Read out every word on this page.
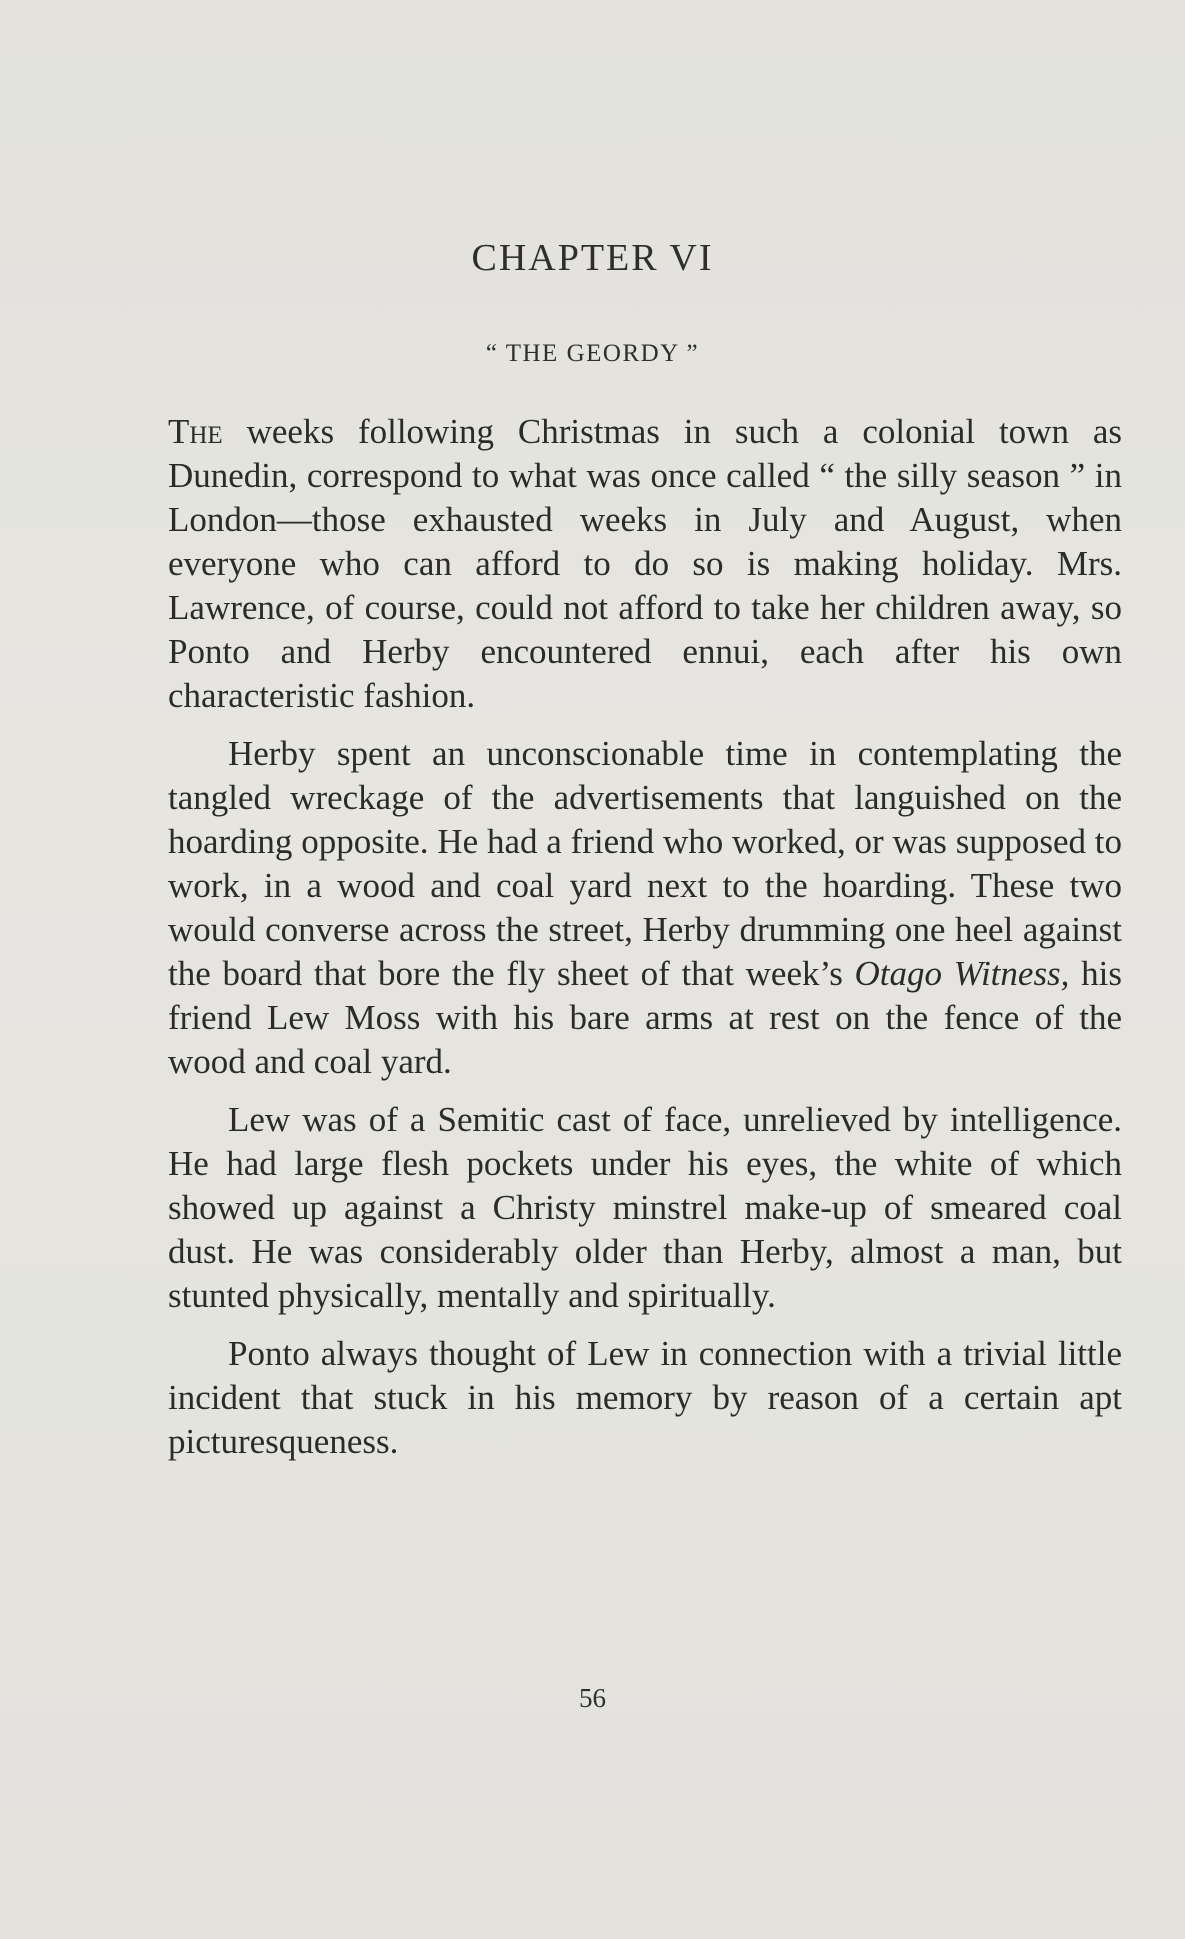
CHAPTER VI
“ THE GEORDY ”

The weeks following Christmas in such a colonial town as Dunedin, correspond to what was once called “ the silly season ” in London—those exhausted weeks in July and August, when everyone who can afford to do so is making holiday. Mrs. Lawrence, of course, could not afford to take her children away, so Ponto and Herby encountered ennui, each after his own characteristic fashion.

Herby spent an unconscionable time in contemplating the tangled wreckage of the advertisements that languished on the hoarding opposite. He had a friend who worked, or was supposed to work, in a wood and coal yard next to the hoarding. These two would converse across the street, Herby drumming one heel against the board that bore the fly sheet of that week’s Otago Witness, his friend Lew Moss with his bare arms at rest on the fence of the wood and coal yard.

Lew was of a Semitic cast of face, unrelieved by intelligence. He had large flesh pockets under his eyes, the white of which showed up against a Christy minstrel make-up of smeared coal dust. He was considerably older than Herby, almost a man, but stunted physically, mentally and spiritually.

Ponto always thought of Lew in connection with a trivial little incident that stuck in his memory by reason of a certain apt picturesqueness.

56
